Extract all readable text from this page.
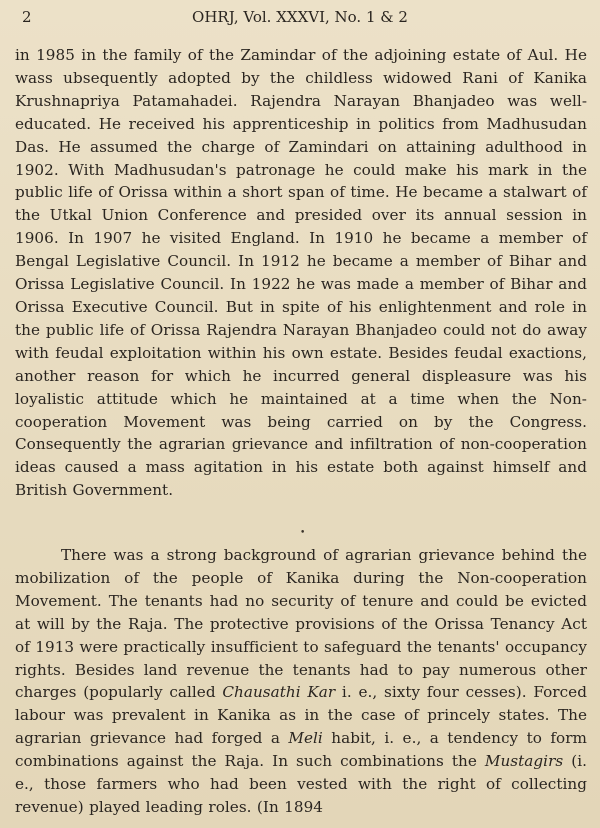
2	OHRJ, Vol. XXXVI, No. 1 & 2

in 1985 in the family of the Zamindar of the adjoining estate of Aul. He wass ubsequently adopted by the childless widowed Rani of Kanika Krushnapriya Patamahadei. Rajendra Narayan Bhanjadeo was well-educated. He received his apprenticeship in politics from Madhusudan Das. He assumed the charge of Zamindari on attaining adulthood in 1902. With Madhusudan's patronage he could make his mark in the public life of Orissa within a short span of time. He became a stalwart of the Utkal Union Conference and presided over its annual session in 1906. In 1907 he visited England. In 1910 he became a member of Bengal Legislative Council. In 1912 he became a member of Bihar and Orissa Legislative Council. In 1922 he was made a member of Bihar and Orissa Executive Council. But in spite of his enlightenment and role in the public life of Orissa Rajendra Narayan Bhanjadeo could not do away with feudal exploitation within his own estate. Besides feudal exactions, another reason for which he incurred general displeasure was his loyalistic attitude which he maintained at a time when the Non-cooperation Movement was being carried on by the Congress. Consequently the agrarian grievance and infiltration of non-cooperation ideas caused a mass agitation in his estate both against himself and British Government.

•

There was a strong background of agrarian grievance behind the mobilization of the people of Kanika during the Non-cooperation Movement. The tenants had no security of tenure and could be evicted at will by the Raja. The protective provisions of the Orissa Tenancy Act of 1913 were practically insufficient to safeguard the tenants' occupancy rights. Besides land revenue the tenants had to pay numerous other charges (popularly called Chausathi Kar i. e., sixty four cesses). Forced labour was prevalent in Kanika as in the case of princely states. The agrarian grievance had forged a Meli habit, i. e., a tendency to form combinations against the Raja. In such combinations the Mustagirs (i. e., those farmers who had been vested with the right of collecting revenue) played leading roles. (In 1894
